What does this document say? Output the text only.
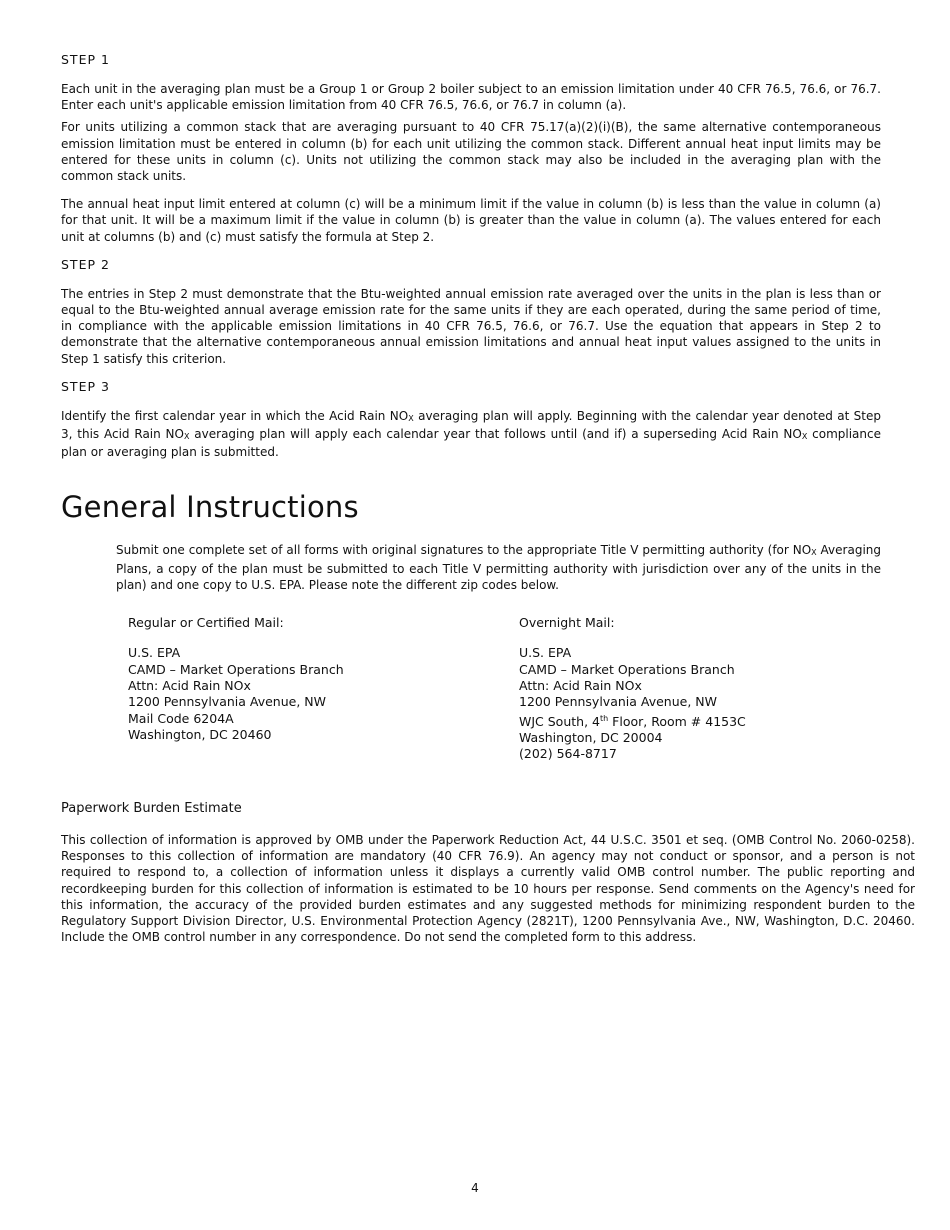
STEP 1

Each unit in the averaging plan must be a Group 1 or Group 2 boiler subject to an emission limitation under 40 CFR 76.5, 76.6, or 76.7. Enter each unit's applicable emission limitation from 40 CFR 76.5, 76.6, or 76.7 in column (a).

For units utilizing a common stack that are averaging pursuant to 40 CFR 75.17(a)(2)(i)(B), the same alternative contemporaneous emission limitation must be entered in column (b) for each unit utilizing the common stack. Different annual heat input limits may be entered for these units in column (c). Units not utilizing the common stack may also be included in the averaging plan with the common stack units.

The annual heat input limit entered at column (c) will be a minimum limit if the value in column (b) is less than the value in column (a) for that unit. It will be a maximum limit if the value in column (b) is greater than the value in column (a). The values entered for each unit at columns (b) and (c) must satisfy the formula at Step 2.

STEP 2

The entries in Step 2 must demonstrate that the Btu-weighted annual emission rate averaged over the units in the plan is less than or equal to the Btu-weighted annual average emission rate for the same units if they are each operated, during the same period of time, in compliance with the applicable emission limitations in 40 CFR 76.5, 76.6, or 76.7. Use the equation that appears in Step 2 to demonstrate that the alternative contemporaneous annual emission limitations and annual heat input values assigned to the units in Step 1 satisfy this criterion.

STEP 3

Identify the first calendar year in which the Acid Rain $NO_X$ averaging plan will apply. Beginning with the calendar year denoted at Step 3, this Acid Rain $NO_X$ averaging plan will apply each calendar year that follows until (and if) a superseding Acid Rain $NO_X$ compliance plan or averaging plan is submitted.

General Instructions

Submit one complete set of all forms with original signatures to the appropriate Title V permitting authority (for $NO_X$ Averaging Plans, a copy of the plan must be submitted to each Title V permitting authority with jurisdiction over any of the units in the plan) and one copy to U.S. EPA. Please note the different zip codes below.

Regular or Certified Mail:
U.S. EPA
CAMD – Market Operations Branch
Attn: Acid Rain NOx
1200 Pennsylvania Avenue, NW
Mail Code 6204A
Washington, DC 20460
Overnight Mail:
U.S. EPA
CAMD – Market Operations Branch
Attn: Acid Rain NOx
1200 Pennsylvania Avenue, NW
WJC South, 4th Floor, Room # 4153C
Washington, DC 20004
(202) 564-8717
Paperwork Burden Estimate

This collection of information is approved by OMB under the Paperwork Reduction Act, 44 U.S.C. 3501 et seq. (OMB Control No. 2060-0258). Responses to this collection of information are mandatory (40 CFR 76.9). An agency may not conduct or sponsor, and a person is not required to respond to, a collection of information unless it displays a currently valid OMB control number. The public reporting and recordkeeping burden for this collection of information is estimated to be 10 hours per response. Send comments on the Agency's need for this information, the accuracy of the provided burden estimates and any suggested methods for minimizing respondent burden to the Regulatory Support Division Director, U.S. Environmental Protection Agency (2821T), 1200 Pennsylvania Ave., NW, Washington, D.C. 20460. Include the OMB control number in any correspondence. Do not send the completed form to this address.

4
